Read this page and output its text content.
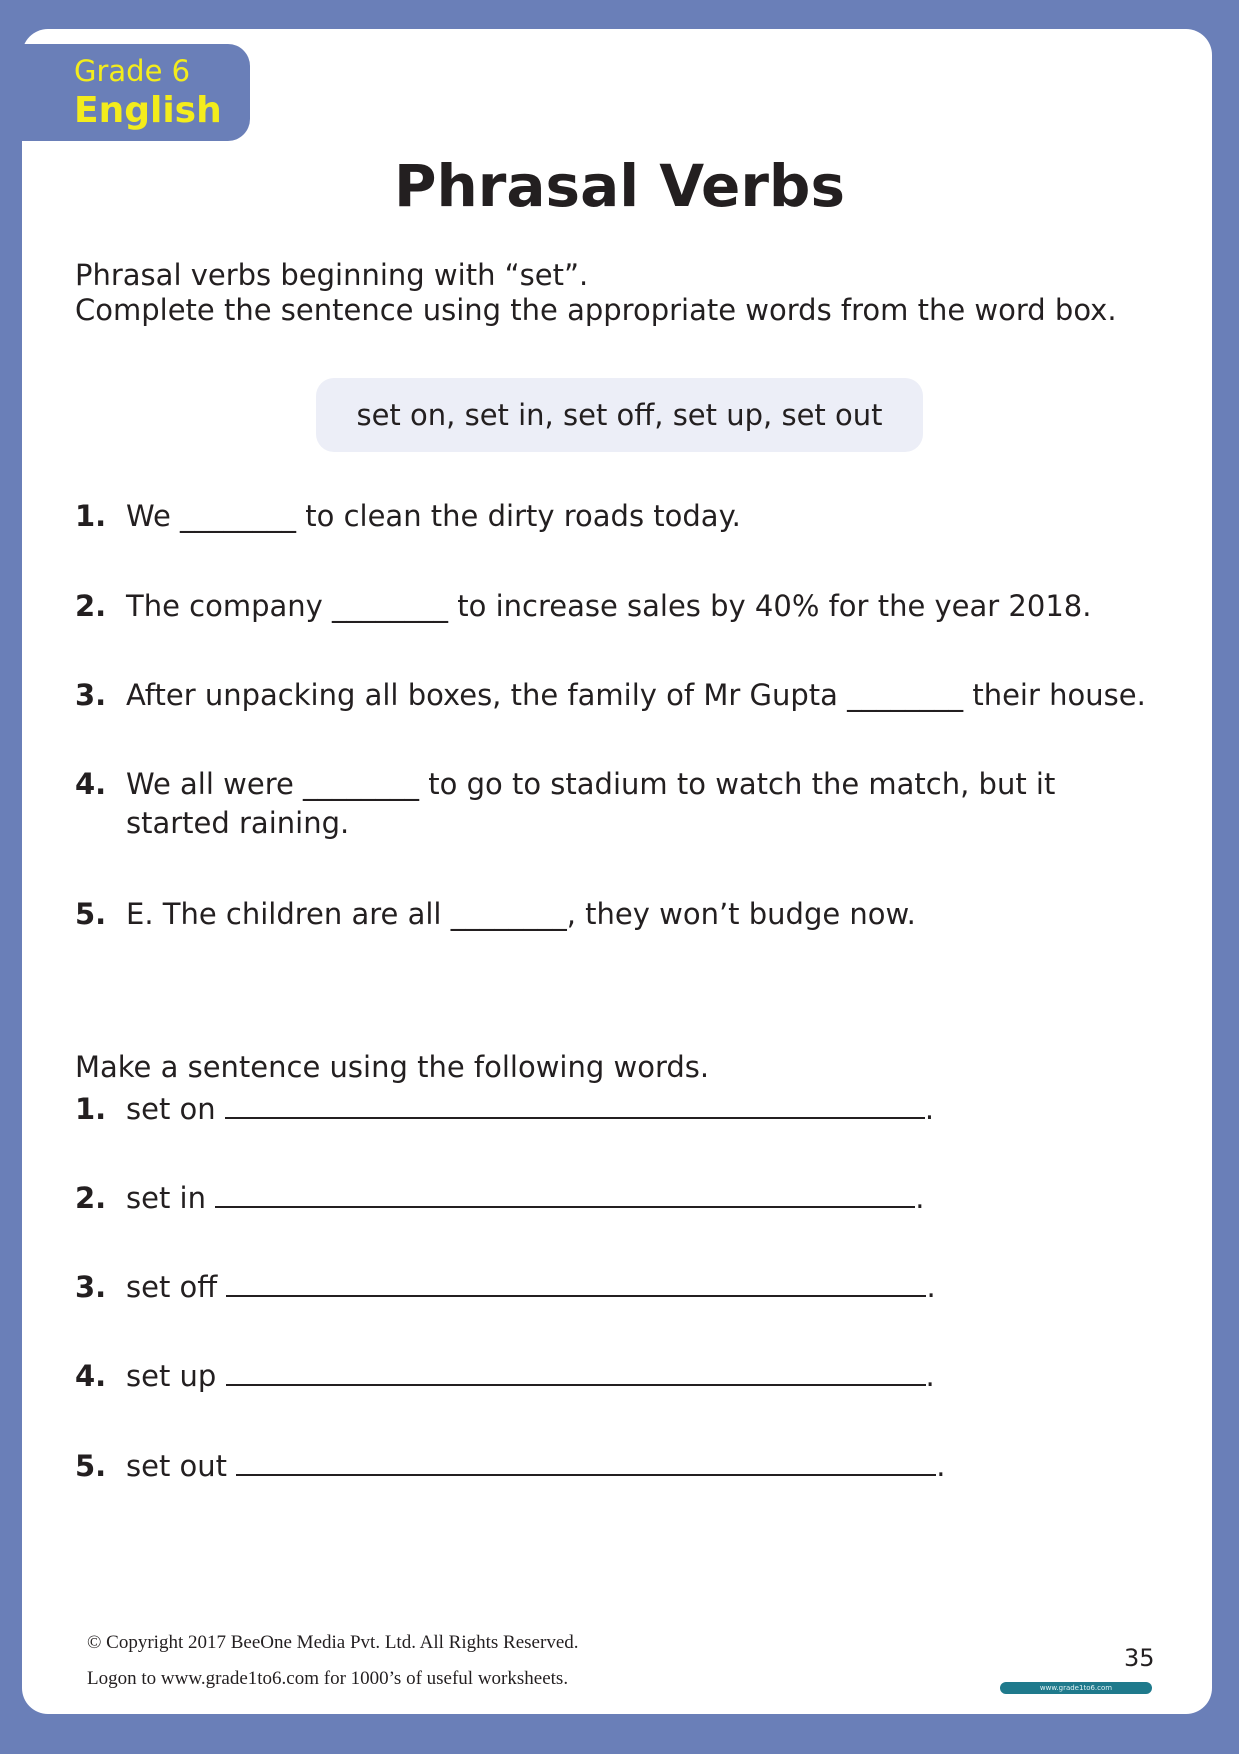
Grade 6
English
Phrasal Verbs
Phrasal verbs beginning with “set”.
Complete the sentence using the appropriate words from the word box.
set on, set in, set off, set up, set out
1. We ________ to clean the dirty roads today.
2. The company ________ to increase sales by 40% for the year 2018.
3. After unpacking all boxes, the family of Mr Gupta ________ their house.
4. We all were ________ to go to stadium to watch the match, but it started raining.
5. E. The children are all ________, they won’t budge now.
Make a sentence using the following words.
1. set on	.
2. set in	.
3. set off	.
4. set up	.
5. set out	.
© Copyright 2017 BeeOne Media Pvt. Ltd. All Rights Reserved.
Logon to www.grade1to6.com for 1000’s of useful worksheets.
35
www.grade1to6.com
